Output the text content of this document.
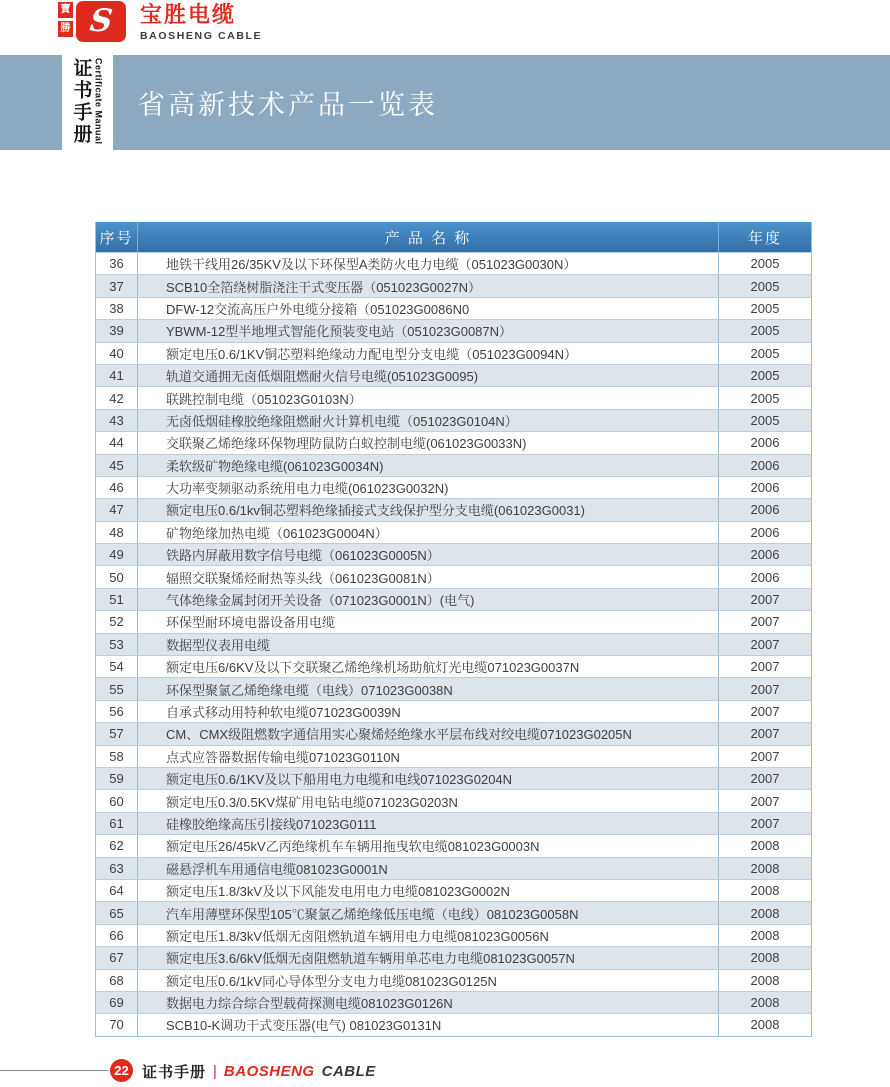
寶
勝 S 宝胜电缆
BAOSHENG CABLE
证书手册 Certificate Manual 省高新技术产品一览表
序号	产 品 名 称	年度
36	地铁干线用26/35KV及以下环保型A类防火电力电缆（051023G0030N）	2005
37	SCB10全箔绕树脂浇注干式变压器（051023G0027N）	2005
38	DFW-12交流高压户外电缆分接箱（051023G0086N0	2005
39	YBWM-12型半地埋式智能化预装变电站（051023G0087N）	2005
40	额定电压0.6/1KV铜芯塑料绝缘动力配电型分支电缆（051023G0094N）	2005
41	轨道交通拥无卤低烟阻燃耐火信号电缆(051023G0095)	2005
42	联跳控制电缆（051023G0103N）	2005
43	无卤低烟硅橡胶绝缘阻燃耐火计算机电缆（051023G0104N）	2005
44	交联聚乙烯绝缘环保物理防鼠防白蚁控制电缆(061023G0033N)	2006
45	柔软级矿物绝缘电缆(061023G0034N)	2006
46	大功率变频驱动系统用电力电缆(061023G0032N)	2006
47	额定电压0.6/1kv铜芯塑料绝缘插接式支线保护型分支电缆(061023G0031)	2006
48	矿物绝缘加热电缆（061023G0004N）	2006
49	铁路内屏蔽用数字信号电缆（061023G0005N）	2006
50	辐照交联聚烯烃耐热等头线（061023G0081N）	2006
51	气体绝缘金属封闭开关设备（071023G0001N）(电气)	2007
52	环保型耐环境电器设备用电缆	2007
53	数据型仪表用电缆	2007
54	额定电压6/6KV及以下交联聚乙烯绝缘机场助航灯光电缆071023G0037N	2007
55	环保型聚氯乙烯绝缘电缆（电线）071023G0038N	2007
56	自承式移动用特种软电缆071023G0039N	2007
57	CM、CMX级阻燃数字通信用实心聚烯烃绝缘水平层布线对绞电缆071023G0205N	2007
58	点式应答器数据传输电缆071023G0110N	2007
59	额定电压0.6/1KV及以下船用电力电缆和电线071023G0204N	2007
60	额定电压0.3/0.5KV煤矿用电钻电缆071023G0203N	2007
61	硅橡胶绝缘高压引接线071023G0111	2007
62	额定电压26/45kV乙丙绝缘机车车辆用拖曳软电缆081023G0003N	2008
63	磁悬浮机车用通信电缆081023G0001N	2008
64	额定电压1.8/3kV及以下风能发电用电力电缆081023G0002N	2008
65	汽车用薄壁环保型105℃聚氯乙烯绝缘低压电缆（电线）081023G0058N	2008
66	额定电压1.8/3kV低烟无卤阻燃轨道车辆用电力电缆081023G0056N	2008
67	额定电压3.6/6kV低烟无卤阻燃轨道车辆用单芯电力电缆081023G0057N	2008
68	额定电压0.6/1kV同心导体型分支电力电缆081023G0125N	2008
69	数据电力综合综合型载荷探测电缆081023G0126N	2008
70	SCB10-K调功干式变压器(电气) 081023G0131N	2008
22 证书手册 | BAOSHENG CABLE
